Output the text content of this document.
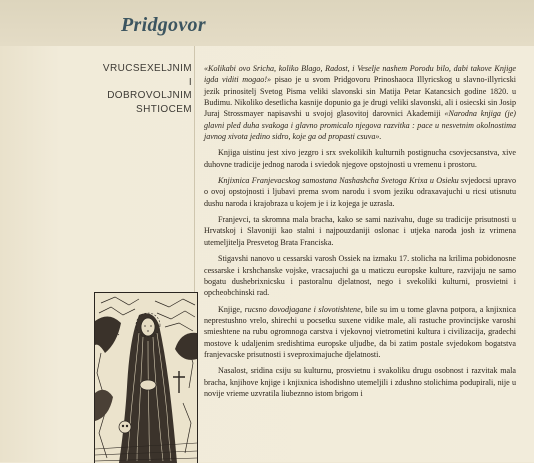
Pridgovor
VRUCSEXELJNIM
I
DOBROVOLJNIM
SHTIOCEM

«Kolikabi ovo Sricha, koliko Blago, Radost, i Veselje nashem Porodu bilo, dabi takove Knjige igda viditi mogao!» pisao je u svom Pridgovoru Prinoshaoca Illyricskog u slavno-illyricski jezik prinositelj Svetog Pisma veliki slavonski sin Matija Petar Katancsich godine 1820. u Budimu. Nikoliko desetlicha kasnije dopunio ga je drugi veliki slavonski, ali i osiecski sin Josip Juraj Strossmayer napisavshi u svojoj glasovitoj darovnici Akademiji «Narodna knjiga (je) glavni pled duha svakoga i glavno promicalo njegova razvitka : pace u nesvetnim okolnostima javnog xivota jedino sidro, koje ga od propasti csuva».

Knjiga uistinu jest xivo jezgro i srx svekolikih kulturnih postignucha csovjecsanstva, xive duhovne tradicije jednog naroda i sviedok njegove opstojnosti u vremenu i prostoru.

Knjixnica Franjevacskog samostana Nashashcha Svetoga Krixa u Osieku svjedocsi upravo o ovoj opstojnosti i ljubavi prema svom narodu i svom jeziku odraxavajuchi u ricsi utisnutu dushu naroda i krajobraza u kojem je i iz kojega je uzrasla.

Franjevci, ta skromna mala bracha, kako se sami nazivahu, duge su tradicije prisutnosti u Hrvatskoj i Slavoniji kao stalni i najpouzdaniji oslonac i utjeka naroda josh iz vrimena utemeljitelja Presvetog Brata Franciska.

Stigavshi nanovo u cessarski varosh Ossiek na izmaku 17. stolicha na krilima pobidonosne cessarske i krshchanske vojske, vracsajuchi ga u maticzu europske kulture, razvijaju ne samo bogatu dushebrixnicsku i pastoralnu djelatnost, nego i svekoliki kulturni, prosvietni i opcheobchinski rad.

Knjige, rucsno dovodjagane i slovotishtene, bile su im u tome glavna potpora, a knjixnica neprestushno vrelo, shirechi u pocsetku suxene vidike male, ali rastuche provincijske varoshi smieshtene na rubu ogromnoga carstva i vjekovnoj vietrometini kultura i civilizacija, gradechi mostove k udaljenim sredishtima europske uljudbe, da bi zatim postale svjedokom bogatstva franjevacske prisutnosti i sveproximajuche djelatnosti.

Nasalost, sridina csiju su kulturnu, prosvietnu i svakoliku drugu osobnost i razvitak mala bracha, knjihove knjige i knjixnica ishodishno utemeljili i zdushno stolichima podupirali, nije u novije vrieme uzvratila liubeznno istom brigom i
